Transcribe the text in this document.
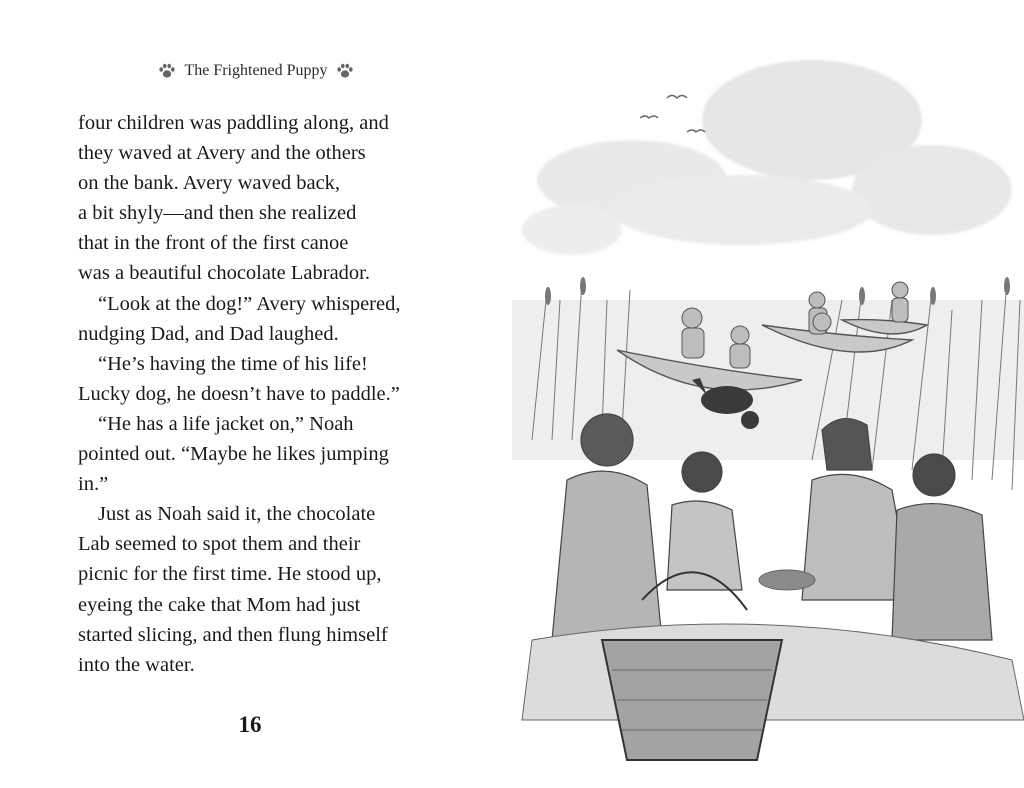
The Frightened Puppy
four children was paddling along, and
they waved at Avery and the others
on the bank. Avery waved back,
a bit shyly—and then she realized
that in the front of the first canoe
was a beautiful chocolate Labrador.
“Look at the dog!” Avery whispered,
nudging Dad, and Dad laughed.
“He’s having the time of his life!
Lucky dog, he doesn’t have to paddle.”
“He has a life jacket on,” Noah
pointed out. “Maybe he likes jumping
in.”
Just as Noah said it, the chocolate
Lab seemed to spot them and their
picnic for the first time. He stood up,
eyeing the cake that Mom had just
started slicing, and then flung himself
into the water.
16
